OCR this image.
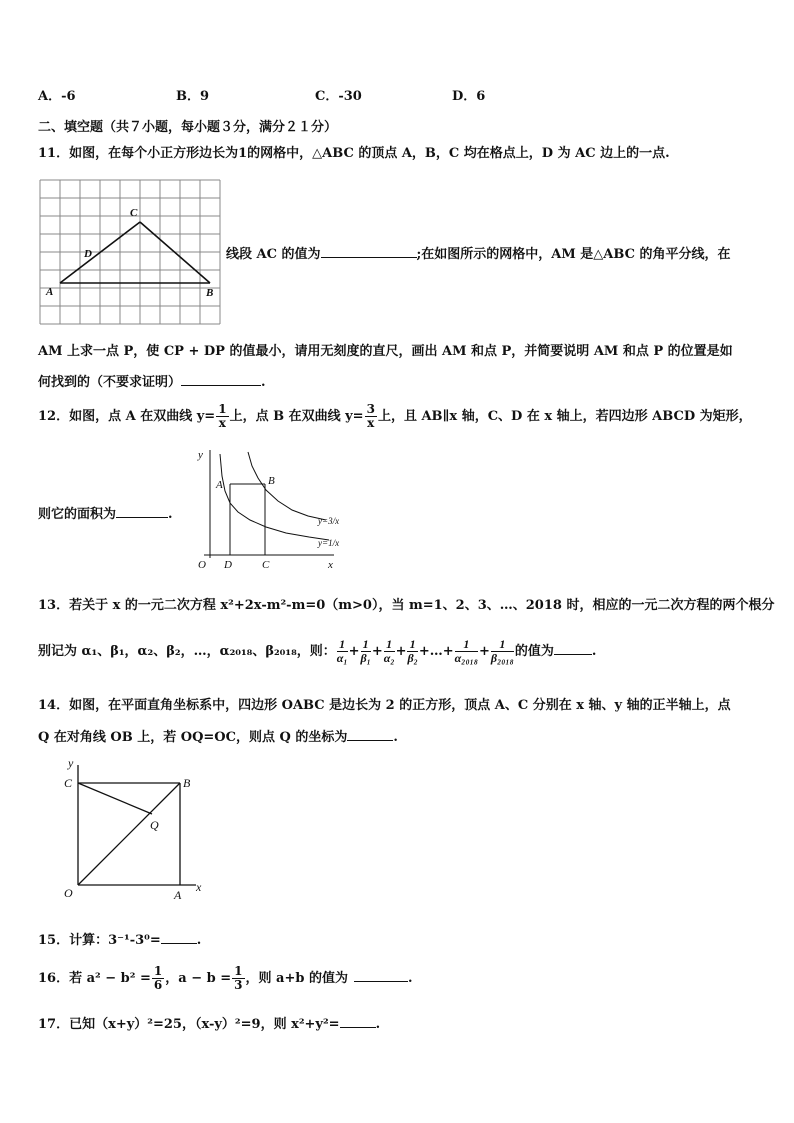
A．-6	B．9	C．-30	D．6
二、填空题（共７小题，每小题３分，满分２１分）
11．如图，在每个小正方形边长为1的网格中，△ABC 的顶点 A，B，C 均在格点上，D 为 AC 边上的一点.
A	B
C
D	线段 AC 的值为	;在如图所示的网格中，AM 是△ABC 的角平分线，在
AM 上求一点 P，使 CP + DP 的值最小，请用无刻度的直尺，画出 AM 和点 P，并简要说明 AM 和点 P 的位置是如
何找到的（不要求证明）	.
12．如图，点 A 在双曲线 $y= \frac{1}{x}$ 上，点 B 在双曲线 $y= \frac{3}{x}$ 上，且 AB∥x 轴，C、D 在 x 轴上，若四边形 ABCD 为矩形，
y
x
O
A	B
C
D
y=3/x
y=1/x
则它的面积为	.
13．若关于 x 的一元二次方程 x²+2x-m²-m=0（m>0），当 m=1、2、3、…、2018 时，相应的一元二次方程的两个根分
别记为 α₁、β₁，α₂、β₂，…，α₂₀₁₈、β₂₀₁₈，则： $\frac{1}{\text{α₁}} + \frac{1}{\text{β₁}} + \frac{1}{\text{α₂}} + \frac{1}{\text{β₂}}$ +…+ $\frac{1}{\text{α₂₀₁₈}} + \frac{1}{\text{β₂₀₁₈}}$ 的值为	.
14．如图，在平面直角坐标系中，四边形 OABC 是边长为 2 的正方形，顶点 A、C 分别在 x 轴、y 轴的正半轴上，点
Q 在对角线 OB 上，若 OQ=OC，则点 Q 的坐标为	.
y
x
O	A
B
C
Q
15．计算：3⁻¹-3⁰=	.
16．若 $a^2 - b^2 = \frac{1}{6}$ ，$a - b = \frac{1}{3}$ ，则 a+b 的值为	.
17．已知（x+y）²=25，（x-y）²=9，则 x²+y²=	.
